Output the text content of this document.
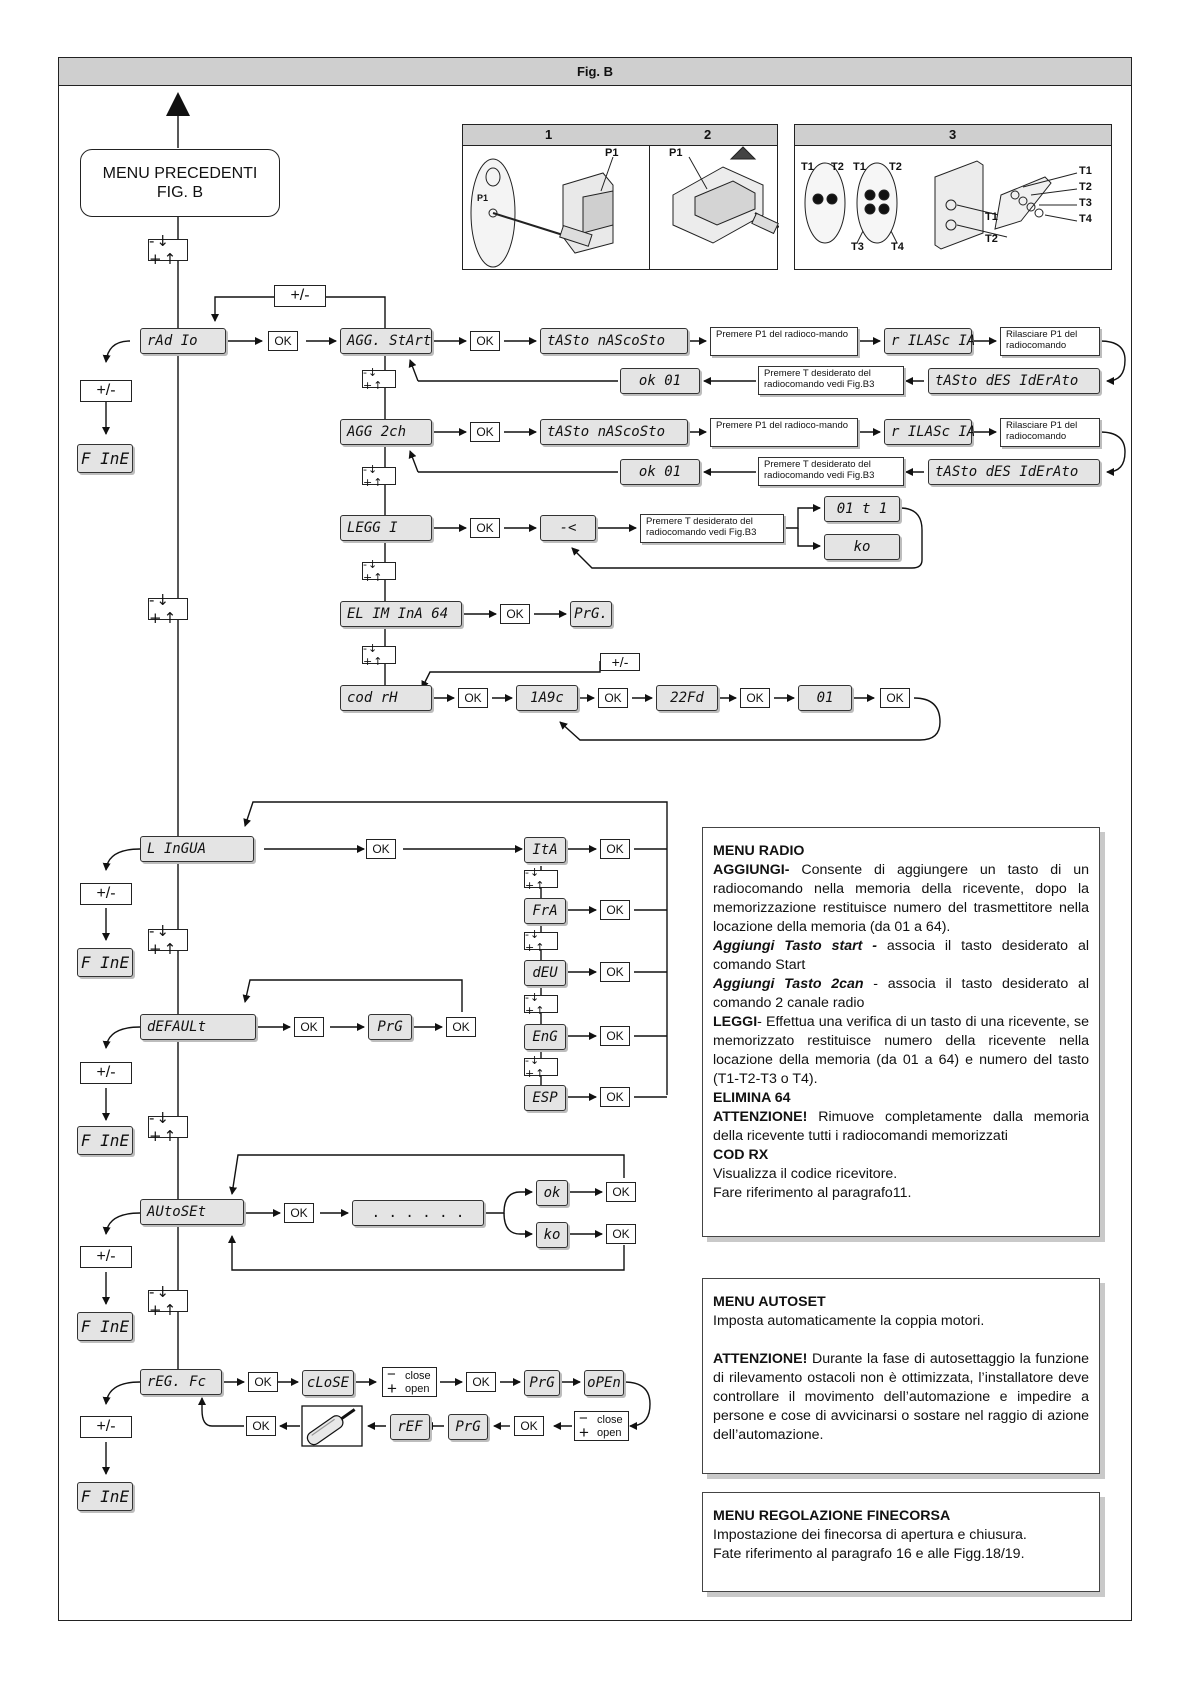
Fig. B
MENU PRECEDENTI
FIG. B
-↓ +↑
-↓ +↑
-↓ +↑
-↓ +↑
-↓ +↑
1	2
P1
P1
P1
3
T1 T2 T1 T2
T3 T4
T1
T2
T1
T2
T3
T4
+/-
rAd Io	OK
+/-
F InE
AGG. StArt	OK	tASto nAScoSto	Premere P1 del radioco-mando	r ILASc IA	Rilasciare P1 del radiocomando
tASto dES IdErAto
Premere T desiderato del radiocomando vedi Fig.B3
ok 01
-↓ +↑
AGG 2ch	OK	tASto nAScoSto	Premere P1 del radioco-mando	r ILASc IA	Rilasciare P1 del radiocomando
tASto dES IdErAto
Premere T desiderato del radiocomando vedi Fig.B3
ok 01
-↓ +↑
LEGG I	OK	-<	Premere T desiderato del radiocomando vedi Fig.B3
01 t 1
ko
-↓ +↑
EL IM InA 64	OK	PrG.
-↓ +↑	+/-
cod rH	OK	1A9c	OK	22Fd	OK	01	OK
L InGUA	OK
+/-
F InE
ItA	OK
-↓ +↑
FrA	OK
-↓ +↑
dEU	OK
-↓ +↑
EnG	OK
-↓ +↑
ESP	OK
dEFAULt	OK	PrG	OK
+/-
F InE
AUtoSEt	OK	. . . . . .
ok
ko
OK
OK
+/-
F InE
rEG. Fc	OK	cLoSE	−
+
close
open	OK	PrG	oPEn
−
+
close
open
OK
PrG
rEF
OK
+/-
F InE

MENU RADIO

AGGIUNGI- Consente di aggiungere un tasto di un radiocomando nella memoria della ricevente, dopo la memorizzazione restituisce numero del trasmettitore nella locazione della memoria (da 01 a 64).

Aggiungi Tasto start - associa il tasto desiderato al comando Start

Aggiungi Tasto 2can - associa il tasto desiderato al comando 2 canale radio

LEGGI- Effettua una verifica di un tasto di una ricevente, se memorizzato restituisce numero della ricevente nella locazione della memoria (da 01 a 64) e numero del tasto (T1-T2-T3 o T4).

ELIMINA 64

ATTENZIONE! Rimuove completamente dalla memoria della ricevente tutti i radiocomandi memorizzati

COD RX

Visualizza il codice ricevitore.

Fare riferimento al paragrafo11.

MENU AUTOSET

Imposta automaticamente la coppia motori.

ATTENZIONE! Durante la fase di autosettaggio la funzione di rilevamento ostacoli non è ottimizzata, l’installatore deve controllare il movimento dell’automazione e impedire a persone e cose di avvicinarsi o sostare nel raggio di azione dell’automazione.

MENU REGOLAZIONE FINECORSA

Impostazione dei finecorsa di apertura e chiusura.

Fate riferimento al paragrafo 16 e alle Figg.18/19.
